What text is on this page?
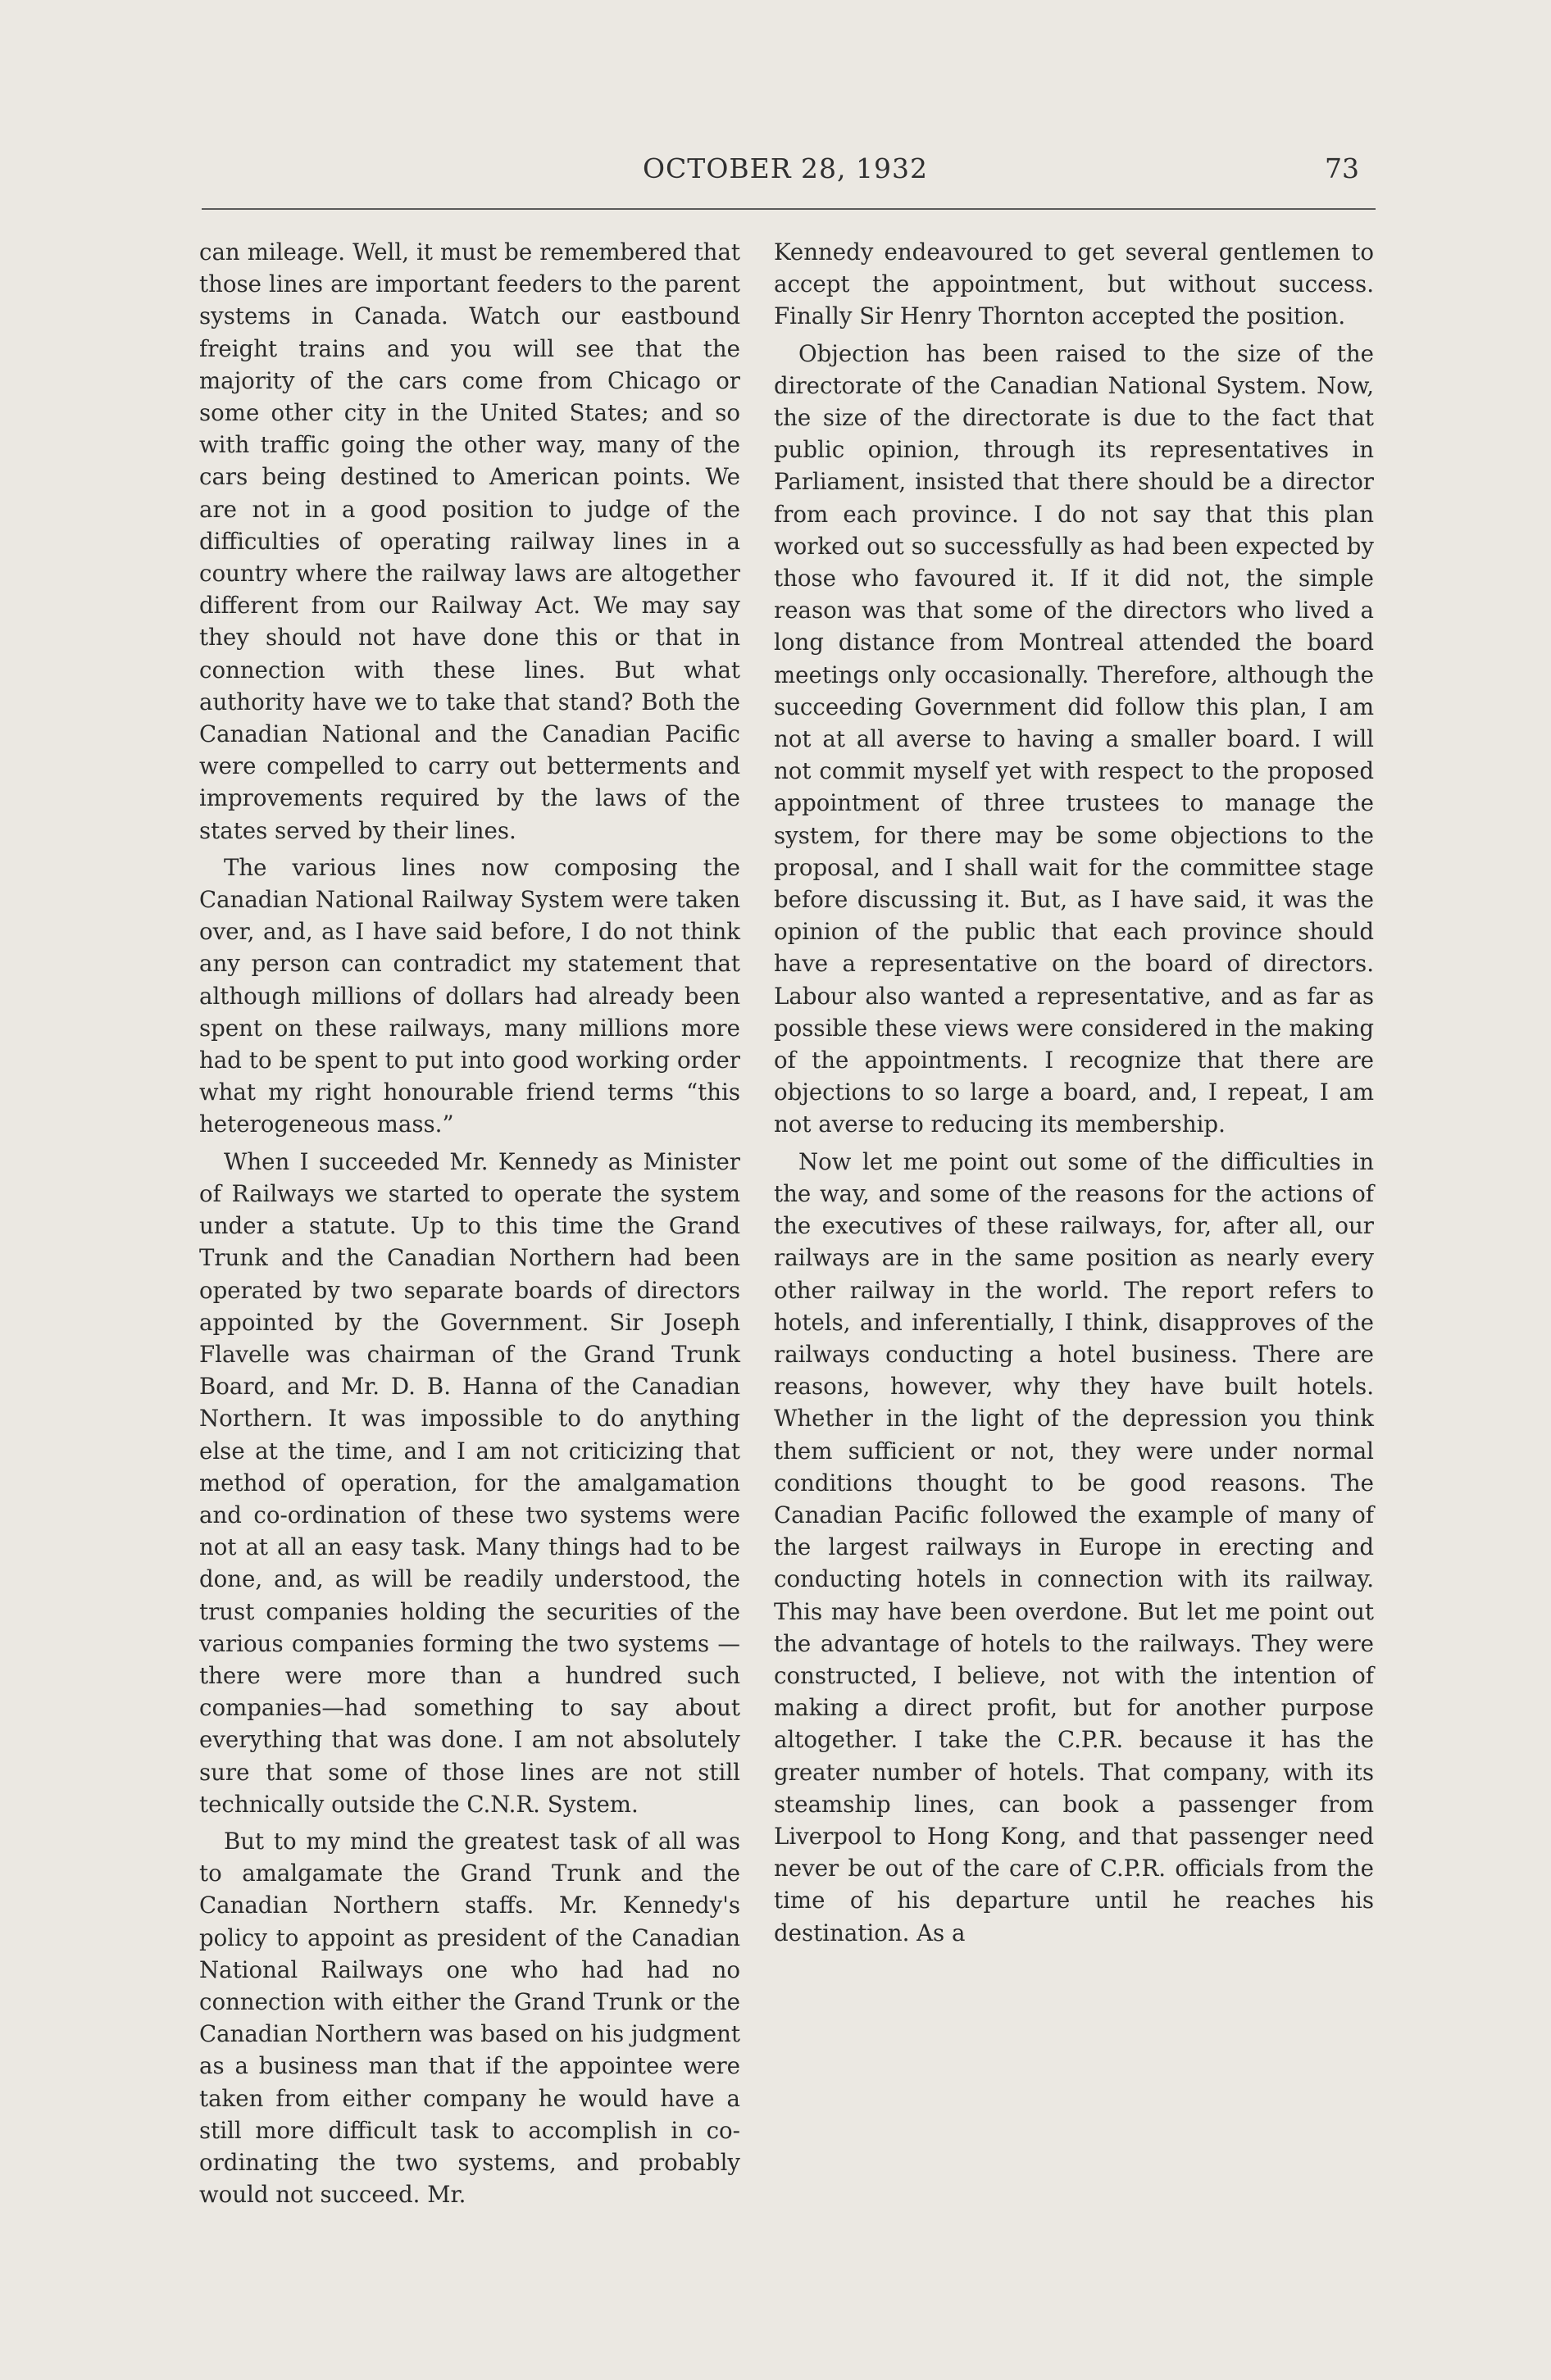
OCTOBER 28, 1932	73

can mileage. Well, it must be remembered that those lines are important feeders to the parent systems in Canada. Watch our eastbound freight trains and you will see that the majority of the cars come from Chicago or some other city in the United States; and so with traffic going the other way, many of the cars being destined to American points. We are not in a good position to judge of the difficulties of operating railway lines in a country where the railway laws are altogether different from our Railway Act. We may say they should not have done this or that in connection with these lines. But what authority have we to take that stand? Both the Canadian National and the Canadian Pacific were compelled to carry out betterments and improvements required by the laws of the states served by their lines.

The various lines now composing the Canadian National Railway System were taken over, and, as I have said before, I do not think any person can contradict my statement that although millions of dollars had already been spent on these railways, many millions more had to be spent to put into good working order what my right honourable friend terms “this heterogeneous mass.”

When I succeeded Mr. Kennedy as Minister of Railways we started to operate the system under a statute. Up to this time the Grand Trunk and the Canadian Northern had been operated by two separate boards of directors appointed by the Government. Sir Joseph Flavelle was chairman of the Grand Trunk Board, and Mr. D. B. Hanna of the Canadian Northern. It was impossible to do anything else at the time, and I am not criticizing that method of operation, for the amalgamation and co-ordination of these two systems were not at all an easy task. Many things had to be done, and, as will be readily understood, the trust companies holding the securities of the various companies forming the two systems —there were more than a hundred such companies—had something to say about everything that was done. I am not absolutely sure that some of those lines are not still technically outside the C.N.R. System.

But to my mind the greatest task of all was to amalgamate the Grand Trunk and the Canadian Northern staffs. Mr. Kennedy's policy to appoint as president of the Canadian National Railways one who had had no connection with either the Grand Trunk or the Canadian Northern was based on his judgment as a business man that if the appointee were taken from either company he would have a still more difficult task to accomplish in co-ordinating the two systems, and probably would not succeed. Mr.

Kennedy endeavoured to get several gentlemen to accept the appointment, but without success. Finally Sir Henry Thornton accepted the position.

Objection has been raised to the size of the directorate of the Canadian National System. Now, the size of the directorate is due to the fact that public opinion, through its representatives in Parliament, insisted that there should be a director from each province. I do not say that this plan worked out so successfully as had been expected by those who favoured it. If it did not, the simple reason was that some of the directors who lived a long distance from Montreal attended the board meetings only occasionally. Therefore, although the succeeding Government did follow this plan, I am not at all averse to having a smaller board. I will not commit myself yet with respect to the proposed appointment of three trustees to manage the system, for there may be some objections to the proposal, and I shall wait for the committee stage before discussing it. But, as I have said, it was the opinion of the public that each province should have a representative on the board of directors. Labour also wanted a representative, and as far as possible these views were considered in the making of the appointments. I recognize that there are objections to so large a board, and, I repeat, I am not averse to reducing its membership.

Now let me point out some of the difficulties in the way, and some of the reasons for the actions of the executives of these railways, for, after all, our railways are in the same position as nearly every other railway in the world. The report refers to hotels, and inferentially, I think, disapproves of the railways conducting a hotel business. There are reasons, however, why they have built hotels. Whether in the light of the depression you think them sufficient or not, they were under normal conditions thought to be good reasons. The Canadian Pacific followed the example of many of the largest railways in Europe in erecting and conducting hotels in connection with its railway. This may have been overdone. But let me point out the advantage of hotels to the railways. They were constructed, I believe, not with the intention of making a direct profit, but for another purpose altogether. I take the C.P.R. because it has the greater number of hotels. That company, with its steamship lines, can book a passenger from Liverpool to Hong Kong, and that passenger need never be out of the care of C.P.R. officials from the time of his departure until he reaches his destination. As a
